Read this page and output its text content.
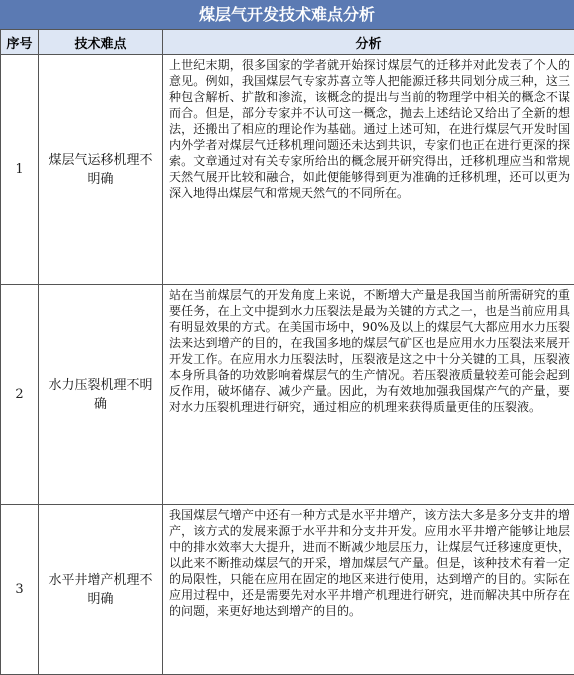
煤层气开发技术难点分析
序号	技术难点	分析
1	煤层气运移机理不明确	上世纪末期，很多国家的学者就开始探讨煤层气的迁移并对此发表了个人的意见。例如，我国煤层气专家苏喜立等人把能源迁移共同划分成三种，这三种包含解析、扩散和渗流，该概念的提出与当前的物理学中相关的概念不谋而合。但是，部分专家并不认可这一概念，抛去上述结论又给出了全新的想法，还搬出了相应的理论作为基础。通过上述可知，在进行煤层气开发时国内外学者对煤层气迁移机理问题还未达到共识，专家们也正在进行更深的探索。文章通过对有关专家所给出的概念展开研究得出，迁移机理应当和常规天然气展开比较和融合，如此便能够得到更为准确的迁移机理，还可以更为深入地得出煤层气和常规天然气的不同所在。
2	水力压裂机理不明确	站在当前煤层气的开发角度上来说，不断增大产量是我国当前所需研究的重要任务，在上文中提到水力压裂法是最为关键的方式之一，也是当前应用具有明显效果的方式。在美国市场中，90%及以上的煤层气大都应用水力压裂法来达到增产的目的，在我国多地的煤层气矿区也是应用水力压裂法来展开开发工作。在应用水力压裂法时，压裂液是这之中十分关键的工具，压裂液本身所具备的功效影响着煤层气的生产情况。若压裂液质量较差可能会起到反作用，破坏储存、减少产量。因此，为有效地加强我国煤产气的产量，要对水力压裂机理进行研究，通过相应的机理来获得质量更佳的压裂液。
3	水平井增产机理不明确	我国煤层气增产中还有一种方式是水平井增产，该方法大多是多分支井的增产，该方式的发展来源于水平井和分支井开发。应用水平井增产能够让地层中的排水效率大大提升，进而不断减少地层压力，让煤层气迁移速度更快，以此来不断推动煤层气的开采，增加煤层气产量。但是，该种技术有着一定的局限性，只能在应用在固定的地区来进行使用，达到增产的目的。实际在应用过程中，还是需要先对水平井增产机理进行研究，进而解决其中所存在的问题，来更好地达到增产的目的。
